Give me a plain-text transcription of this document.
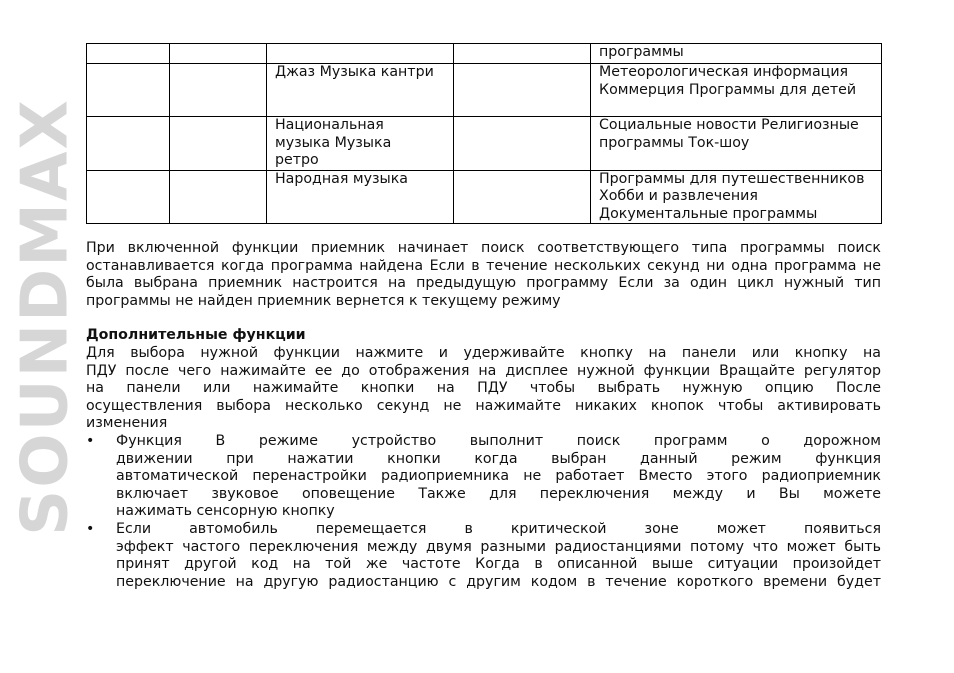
SOUNDMAX
				программы
		Джаз Музыка кантри		Метеорологическая информация
Коммерция Программы для детей
		Национальная
музыка Музыка
ретро		Социальные новости Религиозные
программы Ток-шоу
		Народная музыка		Программы для путешественников
Хобби и развлечения
Документальные программы

При включенной функции приемник начинает поиск соответствующего типа программы поиск

останавливается когда программа найдена Если в течение нескольких секунд ни одна программа не

была выбрана приемник настроится на предыдущую программу Если за один цикл нужный тип

программы не найден приемник вернется к текущему режиму

Дополнительные функции

Для выбора нужной функции нажмите и удерживайте кнопку на панели или кнопку на

ПДУ после чего нажимайте ее до отображения на дисплее нужной функции Вращайте регулятор

на панели или нажимайте кнопки на ПДУ чтобы выбрать нужную опцию После

осуществления выбора несколько секунд не нажимайте никаких кнопок чтобы активировать

изменения

•	Функция В режиме устройство выполнит поиск программ о дорожном

движении при нажатии кнопки когда выбран данный режим функция

автоматической перенастройки радиоприемника не работает Вместо этого радиоприемник

включает звуковое оповещение Также для переключения между и Вы можете

нажимать сенсорную кнопку

•	Если автомобиль перемещается в критической зоне может появиться

эффект частого переключения между двумя разными радиостанциями потому что может быть

принят другой код на той же частоте Когда в описанной выше ситуации произойдет

переключение на другую радиостанцию с другим кодом в течение короткого времени будет
